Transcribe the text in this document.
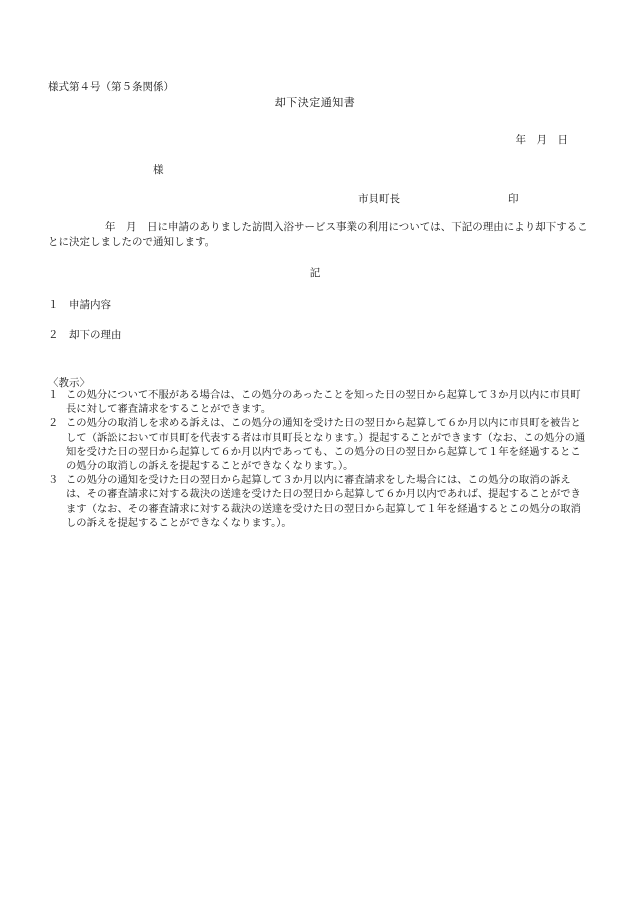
様式第４号（第５条関係）
却下決定通知書
年　月　日
様
市貝町長	印
年　月　日に申請のありました訪問入浴サービス事業の利用については、下記の理由により却下することに決定しましたので通知します。
記
１　 申請内容
２　 却下の理由
〈教示〉
１ この処分について不服がある場合は、この処分のあったことを知った日の翌日から起算して３か月以内に市貝町長に対して審査請求をすることができます。
２ この処分の取消しを求める訴えは、この処分の通知を受けた日の翌日から起算して６か月以内に市貝町を被告として（訴訟において市貝町を代表する者は市貝町長となります。）提起することができます（なお、この処分の通知を受けた日の翌日から起算して６か月以内であっても、この処分の日の翌日から起算して１年を経過するとこの処分の取消しの訴えを提起することができなくなります。）。
３ この処分の通知を受けた日の翌日から起算して３か月以内に審査請求をした場合には、この処分の取消の訴えは、その審査請求に対する裁決の送達を受けた日の翌日から起算して６か月以内であれば、提起することができます（なお、その審査請求に対する裁決の送達を受けた日の翌日から起算して１年を経過するとこの処分の取消しの訴えを提起することができなくなります。）。
